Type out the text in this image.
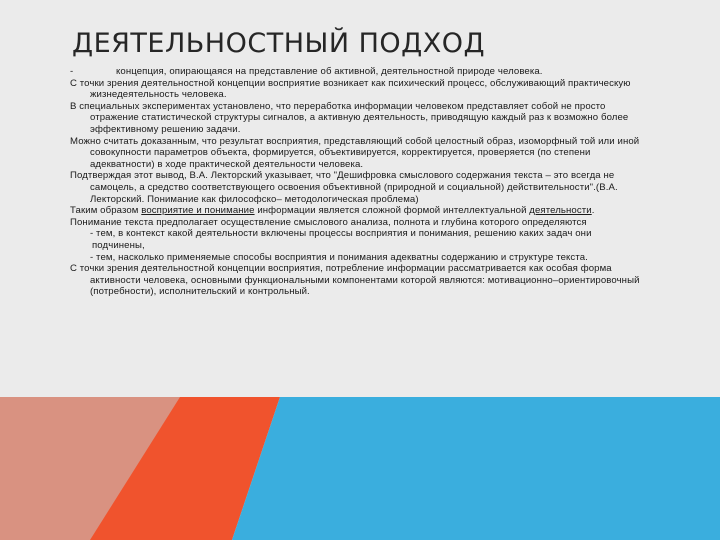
ДЕЯТЕЛЬНОСТНЫЙ ПОДХОД
-	концепция, опирающаяся на представление об активной, деятельностной природе человека.

С точки зрения деятельностной концепции восприятие возникает как психический процесс, обслуживающий практическую жизнедеятельность человека.

В специальных экспериментах установлено, что переработка информации человеком представляет собой не просто отражение статистической структуры сигналов, а активную деятельность, приводящую каждый раз к возможно более эффективному решению задачи.

Можно считать доказанным, что результат восприятия, представляющий собой целостный образ, изоморфный той или иной совокупности параметров объекта, формируется, объективируется, корректируется, проверяется (по степени адекватности) в ходе практической деятельности человека.

Подтверждая этот вывод, В.А. Лекторский указывает, что "Дешифровка смыслового содержания текста – это всегда не самоцель, а средство соответствующего освоения объективной (природной и социальной) действительности".(В.А. Лекторский. Понимание как философско– методологическая проблема)

Таким образом восприятие и понимание информации является сложной формой интеллектуальной деятельности.

Понимание текста предполагает осуществление смыслового анализа, полнота и глубина которого определяются

- тем, в контекст какой деятельности включены процессы восприятия и понимания, решению каких задач они подчинены,

- тем, насколько применяемые способы восприятия и понимания адекватны содержанию и структуре текста.

С точки зрения деятельностной концепции восприятия, потребление информации рассматривается как особая форма активности человека, основными функциональными компонентами которой являются: мотивационно–ориентировочный (потребности), исполнительский и контрольный.
